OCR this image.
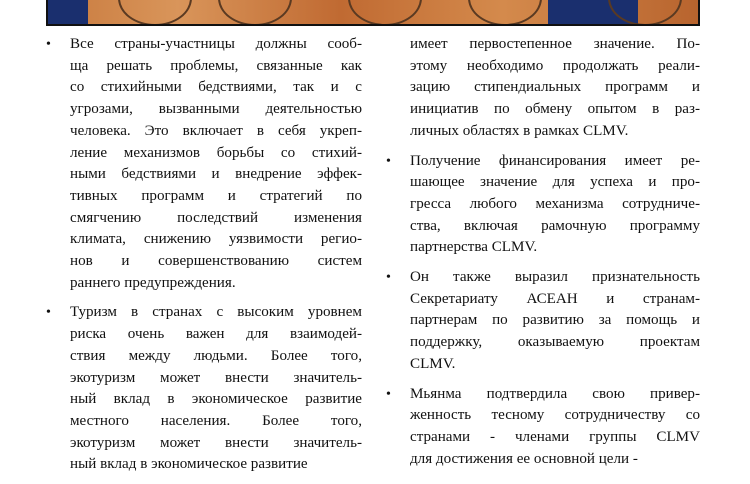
•	Все страны-участницы должны сооб-
ща решать проблемы, связанные как
со стихийными бедствиями, так и с
угрозами, вызванными деятельностью
человека. Это включает в себя укреп-
ление механизмов борьбы со стихий-
ными бедствиями и внедрение эффек-
тивных программ и стратегий по
смягчению последствий изменения
климата, снижению уязвимости регио-
нов и совершенствованию систем
раннего предупреждения.
•	Туризм в странах с высоким уровнем
риска очень важен для взаимодей-
ствия между людьми. Более того,
экотуризм может внести значитель-
ный вклад в экономическое развитие
местного населения. Более того,
экотуризм может внести значитель-
ный вклад в экономическое развитие
имеет первостепенное значение. По-
этому необходимо продолжать реали-
зацию стипендиальных программ и
инициатив по обмену опытом в раз-
личных областях в рамках CLMV.
•	Получение финансирования имеет ре-
шающее значение для успеха и про-
гресса любого механизма сотрудниче-
ства, включая рамочную программу
партнерства CLMV.
•	Он также выразил признательность
Секретариату АСЕАН и странам-
партнерам по развитию за помощь и
поддержку, оказываемую проектам
CLMV.
•	Мьянма подтвердила свою привер-
женность тесному сотрудничеству со
странами - членами группы CLMV
для достижения ее основной цели -
